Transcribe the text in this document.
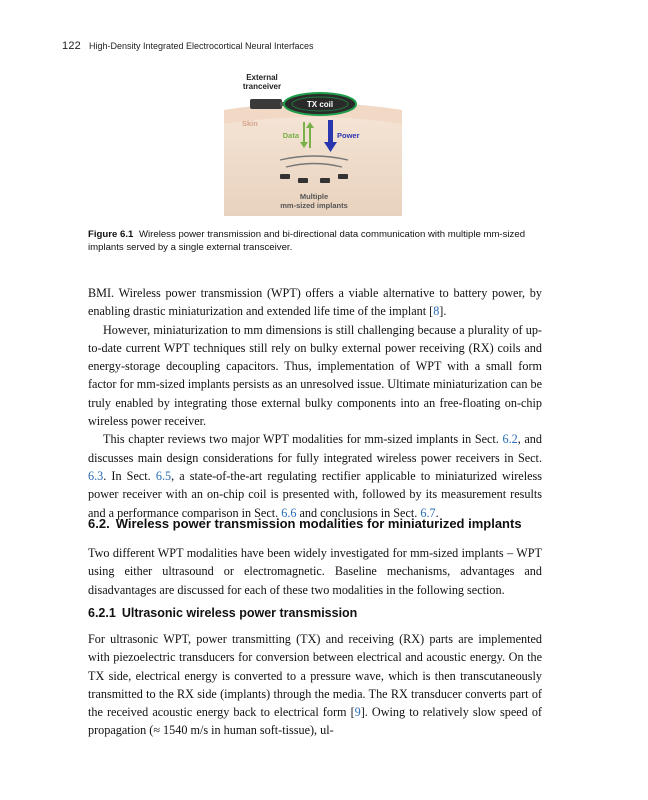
122 High-Density Integrated Electrocortical Neural Interfaces
External
tranceiver
TX coil
Skin
Data	Power
Multiple
mm-sized implants
Figure 6.1 Wireless power transmission and bi-directional data communication with multiple mm-sized implants served by a single external transceiver.

BMI. Wireless power transmission (WPT) offers a viable alternative to battery power, by enabling drastic miniaturization and extended life time of the implant [8].

However, miniaturization to mm dimensions is still challenging because a plurality of up-to-date current WPT techniques still rely on bulky external power receiving (RX) coils and energy-storage decoupling capacitors. Thus, implementation of WPT with a small form factor for mm-sized implants persists as an unresolved issue. Ultimate miniaturization can be truly enabled by integrating those external bulky components into an free-floating on-chip wireless power receiver.

This chapter reviews two major WPT modalities for mm-sized implants in Sect. 6.2, and discusses main design considerations for fully integrated wireless power receivers in Sect. 6.3. In Sect. 6.5, a state-of-the-art regulating rectifier applicable to miniaturized wireless power receiver with an on-chip coil is presented with, followed by its measurement results and a performance comparison in Sect. 6.6 and conclusions in Sect. 6.7.

6.2. Wireless power transmission modalities for miniaturized implants

Two different WPT modalities have been widely investigated for mm-sized implants – WPT using either ultrasound or electromagnetic. Baseline mechanisms, advantages and disadvantages are discussed for each of these two modalities in the following section.

6.2.1 Ultrasonic wireless power transmission

For ultrasonic WPT, power transmitting (TX) and receiving (RX) parts are implemented with piezoelectric transducers for conversion between electrical and acoustic energy. On the TX side, electrical energy is converted to a pressure wave, which is then transcutaneously transmitted to the RX side (implants) through the media. The RX transducer converts part of the received acoustic energy back to electrical form [9]. Owing to relatively slow speed of propagation (≈ 1540 m/s in human soft-tissue), ul-
